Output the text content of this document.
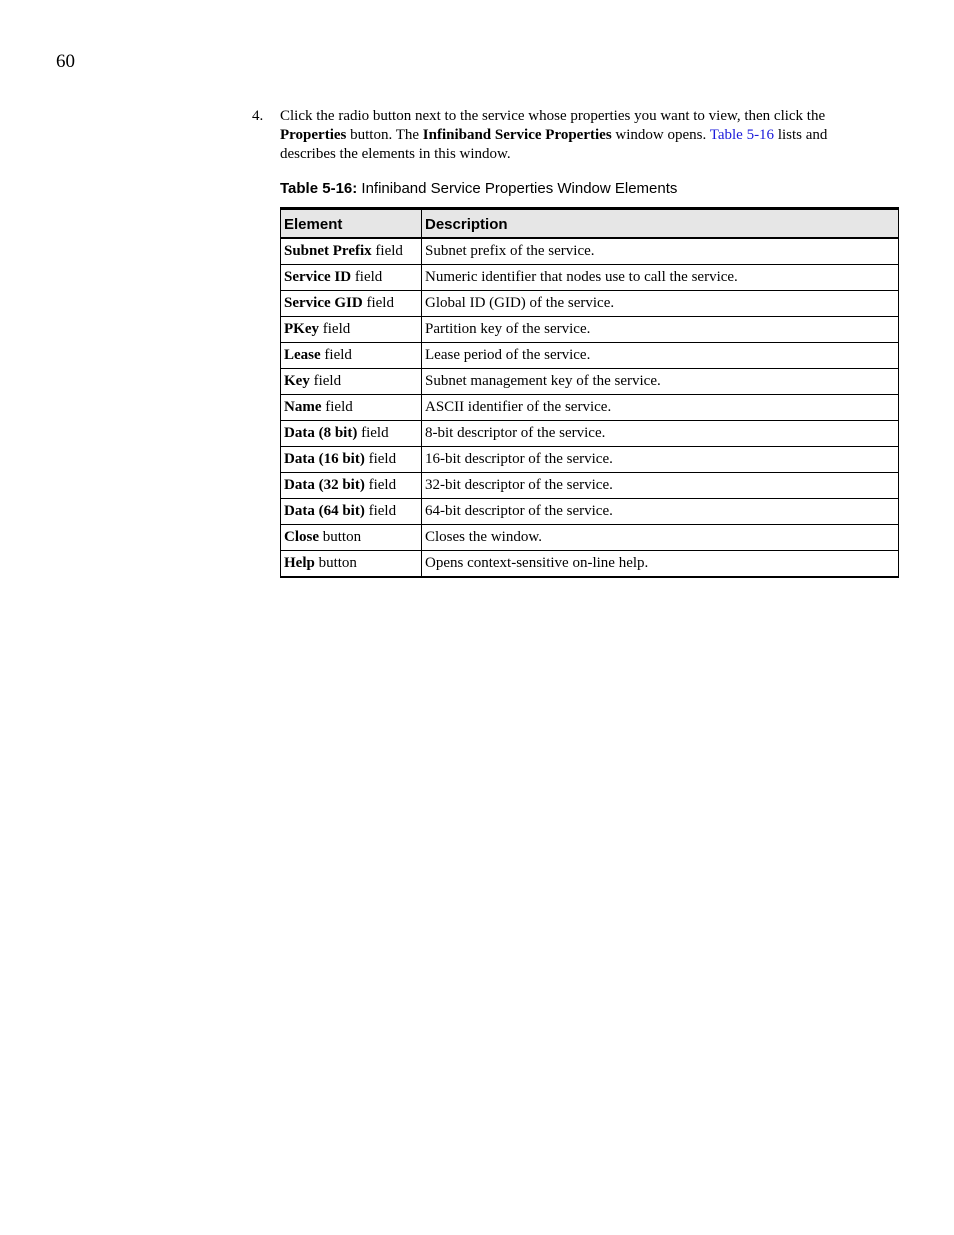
60
4. Click the radio button next to the service whose properties you want to view, then click the Properties button. The Infiniband Service Properties window opens. Table 5-16 lists and describes the elements in this window.
Table 5-16: Infiniband Service Properties Window Elements
Element	Description
Subnet Prefix field	Subnet prefix of the service.
Service ID field	Numeric identifier that nodes use to call the service.
Service GID field	Global ID (GID) of the service.
PKey field	Partition key of the service.
Lease field	Lease period of the service.
Key field	Subnet management key of the service.
Name field	ASCII identifier of the service.
Data (8 bit) field	8-bit descriptor of the service.
Data (16 bit) field	16-bit descriptor of the service.
Data (32 bit) field	32-bit descriptor of the service.
Data (64 bit) field	64-bit descriptor of the service.
Close button	Closes the window.
Help button	Opens context-sensitive on-line help.
